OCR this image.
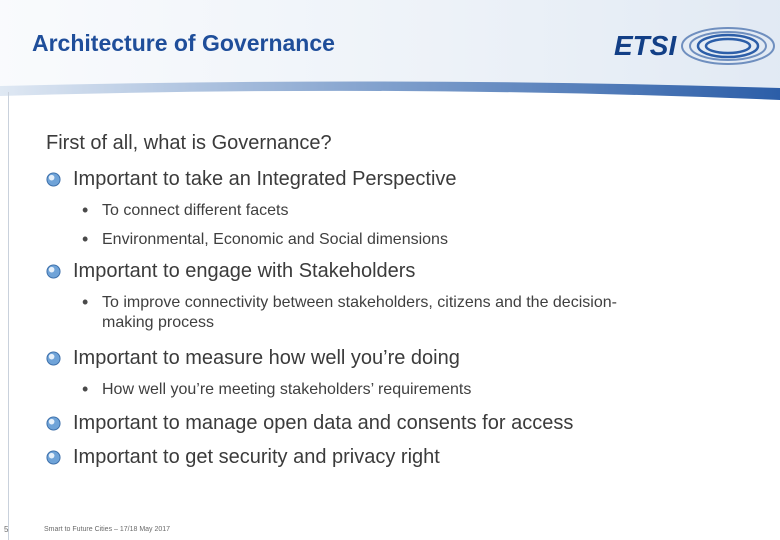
Architecture of Governance
First of all, what is Governance?
Important to take an Integrated Perspective
• To connect different facets
• Environmental, Economic and Social dimensions
Important to engage with Stakeholders
• To improve connectivity between stakeholders, citizens and the decision-
making process
Important to measure how well you’re doing
• How well you’re meeting stakeholders’ requirements
Important to manage open data and consents for access
Important to get security and privacy right
5	Smart to Future Cities – 17/18 May 2017
